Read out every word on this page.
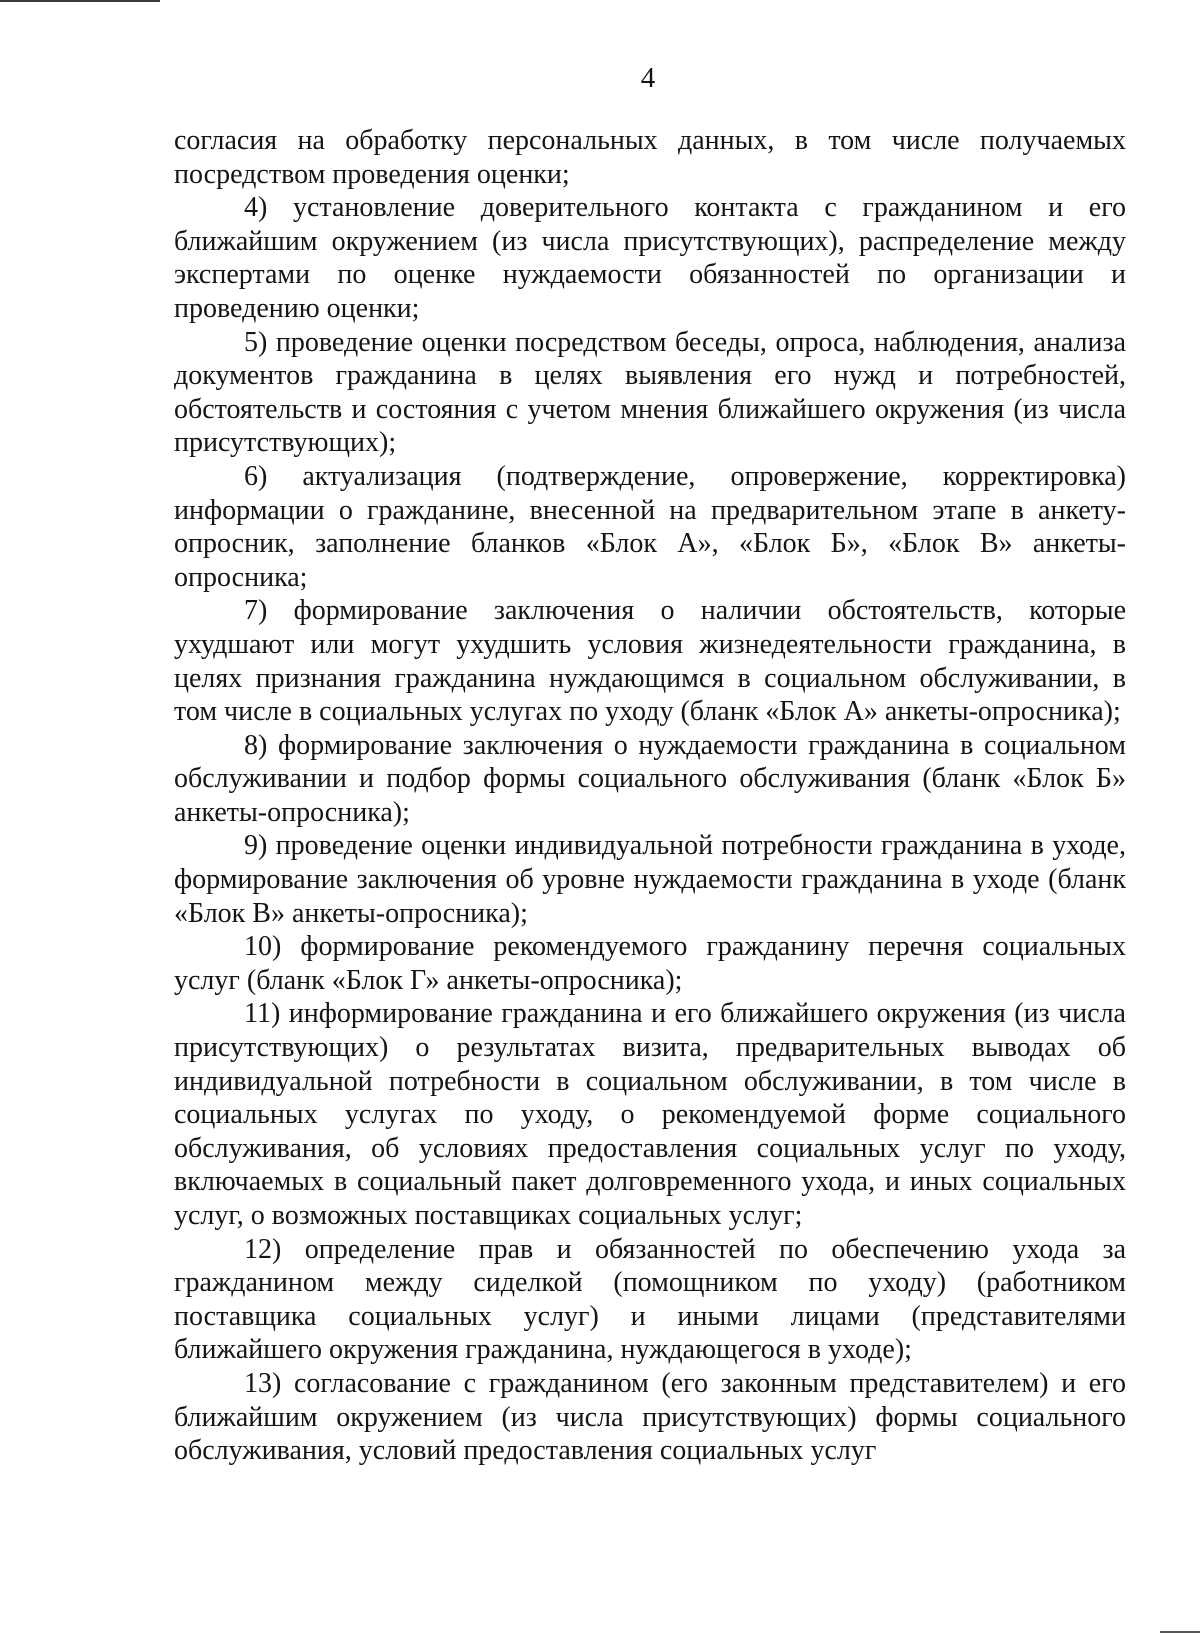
4

согласия на обработку персональных данных, в том числе получаемых посредством проведения оценки;

4) установление доверительного контакта с гражданином и его ближайшим окружением (из числа присутствующих), распределение между экспертами по оценке нуждаемости обязанностей по организации и проведению оценки;

5) проведение оценки посредством беседы, опроса, наблюдения, анализа документов гражданина в целях выявления его нужд и потребностей, обстоятельств и состояния с учетом мнения ближайшего окружения (из числа присутствующих);

6) актуализация (подтверждение, опровержение, корректировка) информации о гражданине, внесенной на предварительном этапе в анкету-опросник, заполнение бланков «Блок А», «Блок Б», «Блок В» анкеты-опросника;

7) формирование заключения о наличии обстоятельств, которые ухудшают или могут ухудшить условия жизнедеятельности гражданина, в целях признания гражданина нуждающимся в социальном обслуживании, в том числе в социальных услугах по уходу (бланк «Блок А» анкеты-опросника);

8) формирование заключения о нуждаемости гражданина в социальном обслуживании и подбор формы социального обслуживания (бланк «Блок Б» анкеты-опросника);

9) проведение оценки индивидуальной потребности гражданина в уходе, формирование заключения об уровне нуждаемости гражданина в уходе (бланк «Блок В» анкеты-опросника);

10) формирование рекомендуемого гражданину перечня социальных услуг (бланк «Блок Г» анкеты-опросника);

11) информирование гражданина и его ближайшего окружения (из числа присутствующих) о результатах визита, предварительных выводах об индивидуальной потребности в социальном обслуживании, в том числе в социальных услугах по уходу, о рекомендуемой форме социального обслуживания, об условиях предоставления социальных услуг по уходу, включаемых в социальный пакет долговременного ухода, и иных социальных услуг, о возможных поставщиках социальных услуг;

12) определение прав и обязанностей по обеспечению ухода за гражданином между сиделкой (помощником по уходу) (работником поставщика социальных услуг) и иными лицами (представителями ближайшего окружения гражданина, нуждающегося в уходе);

13) согласование с гражданином (его законным представителем) и его ближайшим окружением (из числа присутствующих) формы социального обслуживания, условий предоставления социальных услуг
